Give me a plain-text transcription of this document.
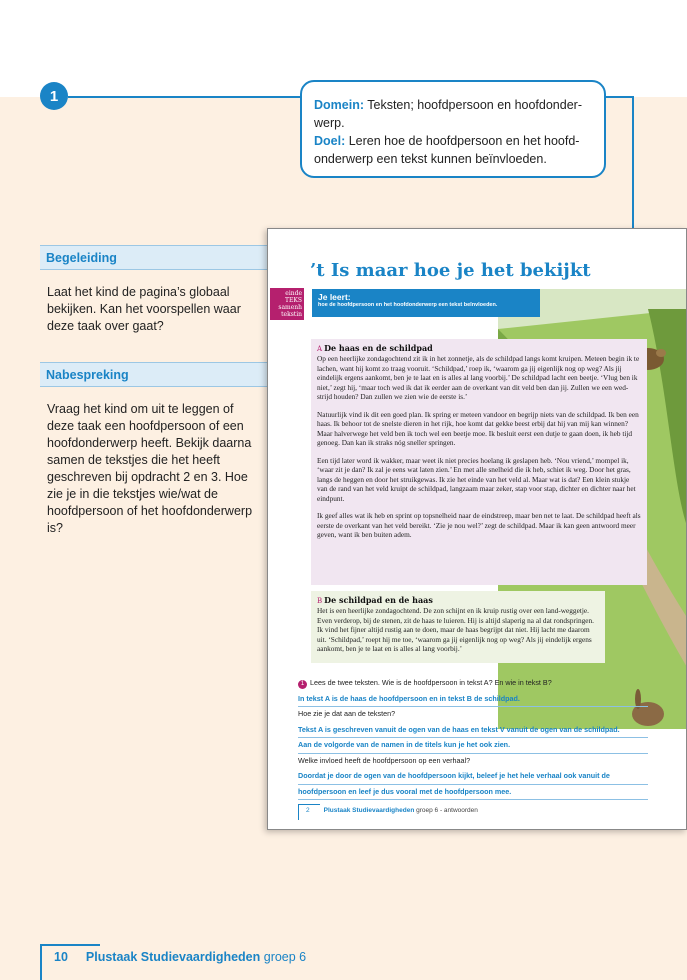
1
Domein: Teksten; hoofdpersoon en hoofdonder-werp.
Doel: Leren hoe de hoofdpersoon en het hoofd-onderwerp een tekst kunnen beïnvloeden.
Begeleiding
Laat het kind de pagina’s globaal bekijken. Kan het voorspellen waar deze taak over gaat?
Nabespreking
Vraag het kind om uit te leggen of deze taak een hoofdpersoon of een hoofdonderwerp heeft. Bekijk daarna samen de tekstjes die het heeft geschreven bij opdracht 2 en 3. Hoe zie je in die tekstjes wie/wat de hoofdpersoon of het hoofdonderwerp is?
einde TEKS samenh tekstin
’t Is maar hoe je het bekijkt
Je leert:
hoe de hoofdpersoon en het hoofdonderwerp een tekst beïnvloeden.
A De haas en de schildpad

Op een heerlijke zondagochtend zit ik in het zonnetje, als de schildpad langs komt kruipen. Meteen begin ik te lachen, want hij komt zo traag vooruit. ‘Schildpad,’ roep ik, ‘waarom ga jij eigenlijk nog op weg? Als jij eindelijk ergens aankomt, ben je te laat en is alles al lang voorbij.’ De schildpad lacht een beetje. ‘Vlug ben ik niet,’ zegt hij, ‘maar toch wed ik dat ik eerder aan de overkant van dit veld ben dan jij. Zullen we een wed-strijd houden? Dan zullen we zien wie de eerste is.’

Natuurlijk vind ik dit een goed plan. Ik spring er meteen vandoor en begrijp niets van de schildpad. Ik ben een haas. Ik behoor tot de snelste dieren in het rijk, hoe komt dat gekke beest erbij dat hij van mij kan winnen? Maar halverwege het veld ben ik toch wel een beetje moe. Ik besluit eerst een dutje te gaan doen, ik heb tijd genoeg. Dan kan ik straks nóg sneller springen.

Een tijd later word ik wakker, maar weet ik niet precies hoelang ik geslapen heb. ‘Nou vriend,’ mompel ik, ‘waar zit je dan? Ik zal je eens wat laten zien.’ En met alle snelheid die ik heb, schiet ik weg. Door het gras, langs de heggen en door het struikgewas. Ik zie het einde van het veld al. Maar wat is dat? Een klein stukje van de rand van het veld kruipt de schildpad, langzaam maar zeker, stap voor stap, dichter en dichter naar het eindpunt.

Ik geef alles wat ik heb en sprint op topsnelheid naar de eindstreep, maar ben net te laat. De schildpad heeft als eerste de overkant van het veld bereikt. ‘Zie je nou wel?’ zegt de schildpad. Maar ik kan geen antwoord meer geven, want ik ben buiten adem.

B De schildpad en de haas
Het is een heerlijke zondagochtend. De zon schijnt en ik kruip rustig over een land-weggetje. Even verderop, bij de stenen, zit de haas te luieren. Hij is altijd slaperig na al dat rondspringen. Ik vind het fijner altijd rustig aan te doen, maar de haas begrijpt dat niet. Hij lacht me daarom uit. ‘Schildpad,’ roept hij me toe, ‘waarom ga jij eigenlijk nog op weg? Als jij eindelijk ergens aankomt, ben je te laat en is alles al lang voorbij.’
1 Lees de twee teksten. Wie is de hoofdpersoon in tekst A? En wie in tekst B?
In tekst A is de haas de hoofdpersoon en in tekst B de schildpad.
Hoe zie je dat aan de teksten?
Tekst A is geschreven vanuit de ogen van de haas en tekst V vanuit de ogen van de schildpad.
Aan de volgorde van de namen in de titels kun je het ook zien.
Welke invloed heeft de hoofdpersoon op een verhaal?
Doordat je door de ogen van de hoofdpersoon kijkt, beleef je het hele verhaal ook vanuit de
hoofdpersoon en leef je dus vooral met de hoofdpersoon mee.
2 Plustaak Studievaardigheden groep 6 - antwoorden
10 Plustaak Studievaardigheden groep 6
